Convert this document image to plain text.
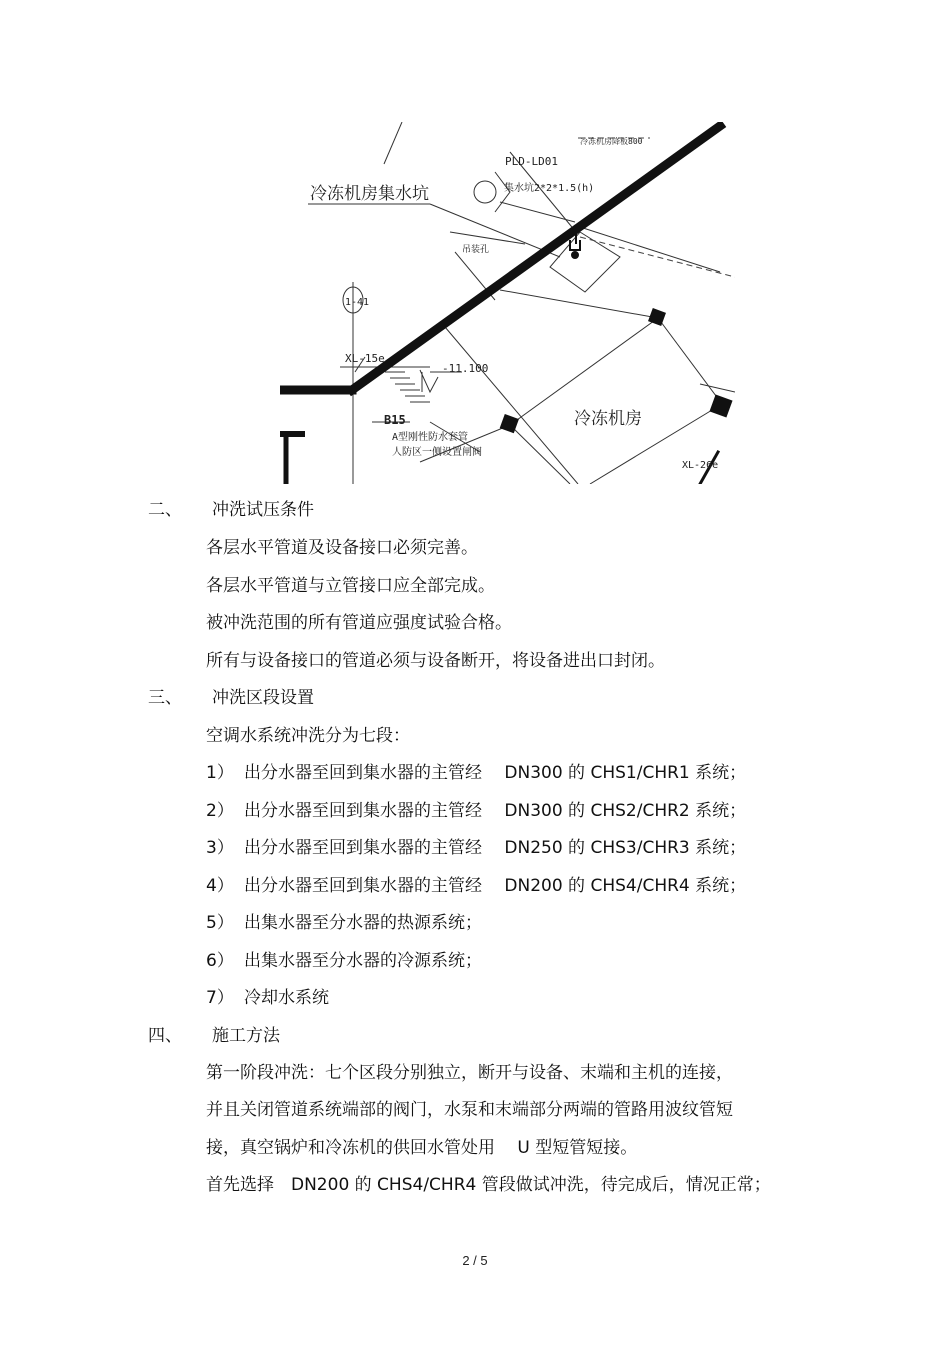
冷冻机房集水坑
冷冻机房降板800
PLD-LD01
集水坑2*2*1.5(h)
吊装孔
1-41
XL-15e
-11.100
冷冻机房
B15
A型刚性防水套管
人防区一侧设置闸阀
XL-26e
二、 冲洗试压条件
各层水平管道及设备接口必须完善。
各层水平管道与立管接口应全部完成。
被冲洗范围的所有管道应强度试验合格。
所有与设备接口的管道必须与设备断开，将设备进出口封闭。
三、 冲洗区段设置
空调水系统冲洗分为七段：
1） 出分水器至回到集水器的主管经　 DN300 的 CHS1/CHR1 系统；
2） 出分水器至回到集水器的主管经　 DN300 的 CHS2/CHR2 系统；
3） 出分水器至回到集水器的主管经　 DN250 的 CHS3/CHR3 系统；
4） 出分水器至回到集水器的主管经　 DN200 的 CHS4/CHR4 系统；
5） 出集水器至分水器的热源系统；
6） 出集水器至分水器的冷源系统；
7） 冷却水系统
四、 施工方法
第一阶段冲洗：七个区段分别独立，断开与设备、末端和主机的连接，
并且关闭管道系统端部的阀门，水泵和末端部分两端的管路用波纹管短
接，真空锅炉和冷冻机的供回水管处用　 U 型短管短接。
首先选择　DN200 的 CHS4/CHR4 管段做试冲洗，待完成后，情况正常；
2 / 5
